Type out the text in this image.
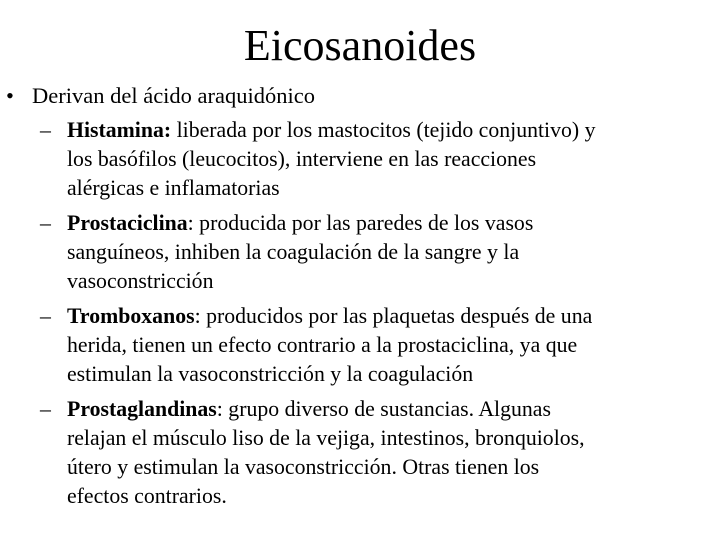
Eicosanoides
• Derivan del ácido araquidónico
– Histamina: liberada por los mastocitos (tejido conjuntivo) y
los basófilos (leucocitos), interviene en las reacciones
alérgicas e inflamatorias
– Prostaciclina: producida por las paredes de los vasos
sanguíneos, inhiben la coagulación de la sangre y la
vasoconstricción
– Tromboxanos: producidos por las plaquetas después de una
herida, tienen un efecto contrario a la prostaciclina, ya que
estimulan la vasoconstricción y la coagulación
– Prostaglandinas: grupo diverso de sustancias. Algunas
relajan el músculo liso de la vejiga, intestinos, bronquiolos,
útero y estimulan la vasoconstricción. Otras tienen los
efectos contrarios.
